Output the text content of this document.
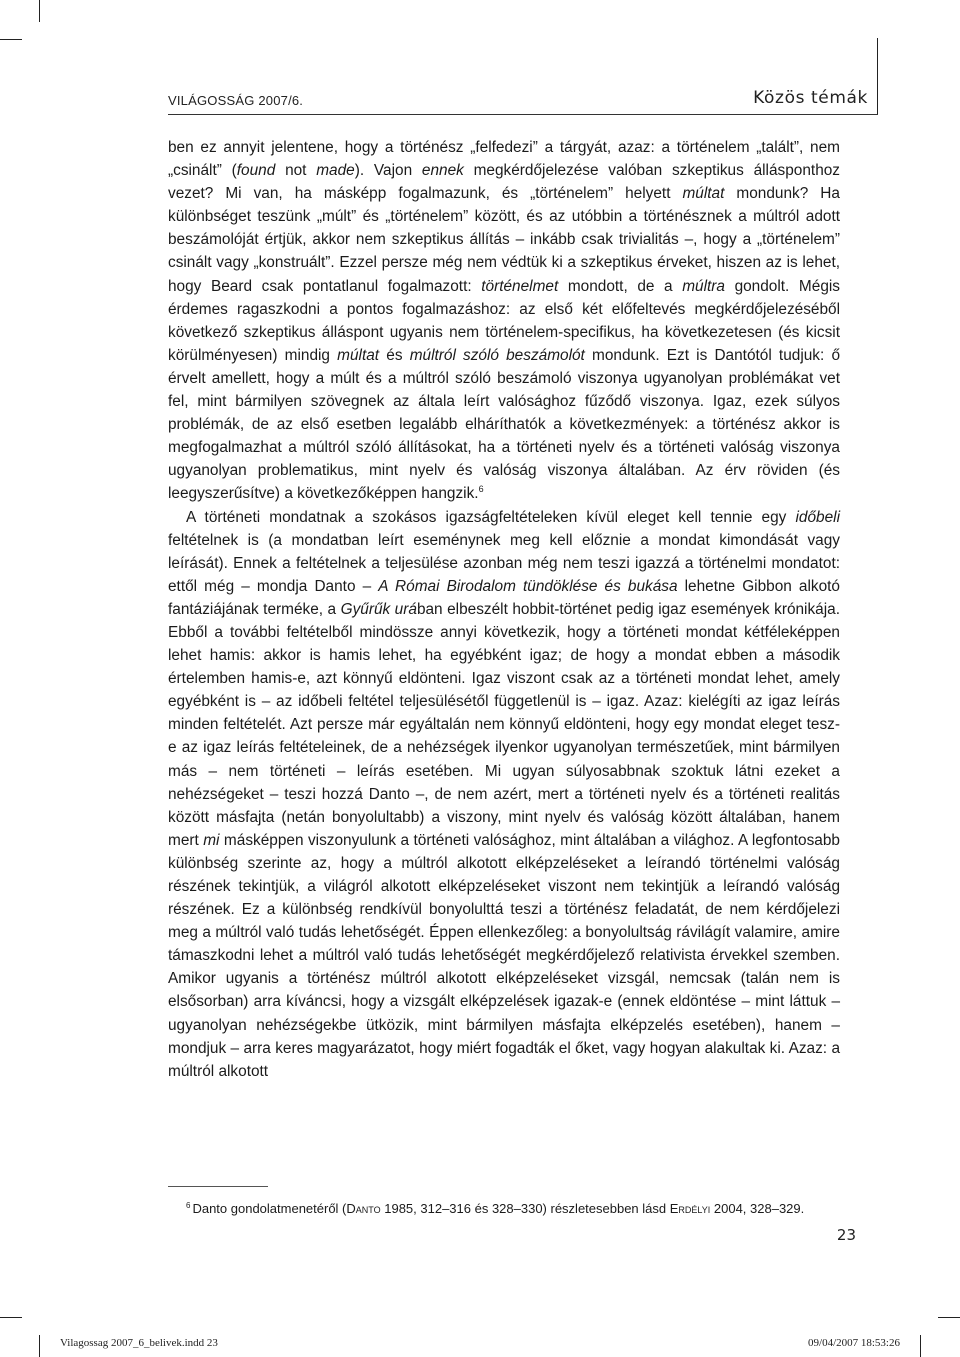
VILÁGOSSÁG 2007/6.	Közös témák

ben ez annyit jelentene, hogy a történész „felfedezi” a tárgyát, azaz: a történelem „talált”, nem „csinált” (found not made). Vajon ennek megkérdőjelezése valóban szkeptikus állásponthoz vezet? Mi van, ha másképp fogalmazunk, és „történelem” helyett múltat mondunk? Ha különbséget teszünk „múlt” és „történelem” között, és az utóbbin a történésznek a múltról adott beszámolóját értjük, akkor nem szkeptikus állítás – inkább csak trivialitás –, hogy a „történelem” csinált vagy „konstruált”. Ezzel persze még nem védtük ki a szkeptikus érveket, hiszen az is lehet, hogy Beard csak pontatlanul fogalmazott: történelmet mondott, de a múltra gondolt. Mégis érdemes ragaszkodni a pontos fogalmazáshoz: az első két előfeltevés megkérdőjelezéséből következő szkeptikus álláspont ugyanis nem történelem-specifikus, ha következetesen (és kicsit körülményesen) mindig múltat és múltról szóló beszámolót mondunk. Ezt is Dantótól tudjuk: ő érvelt amellett, hogy a múlt és a múltról szóló beszámoló viszonya ugyanolyan problémákat vet fel, mint bármilyen szövegnek az általa leírt valósághoz fűződő viszonya. Igaz, ezek súlyos problémák, de az első esetben legalább elháríthatók a következmények: a történész akkor is megfogalmazhat a múltról szóló állításokat, ha a történeti nyelv és a történeti valóság viszonya ugyanolyan problematikus, mint nyelv és valóság viszonya általában. Az érv röviden (és leegyszerűsítve) a következőképpen hangzik.$^6$

A történeti mondatnak a szokásos igazságfeltételeken kívül eleget kell tennie egy időbeli feltételnek is (a mondatban leírt eseménynek meg kell előznie a mondat kimondását vagy leírását). Ennek a feltételnek a teljesülése azonban még nem teszi igazzá a történelmi mondatot: ettől még – mondja Danto – A Római Birodalom tündöklése és bukása lehetne Gibbon alkotó fantáziájának terméke, a Gyűrűk urában elbeszélt hobbit-történet pedig igaz események krónikája. Ebből a további feltételből mindössze annyi következik, hogy a történeti mondat kétféleképpen lehet hamis: akkor is hamis lehet, ha egyébként igaz; de hogy a mondat ebben a második értelemben hamis-e, azt könnyű eldönteni. Igaz viszont csak az a történeti mondat lehet, amely egyébként is – az időbeli feltétel teljesülésétől függetlenül is – igaz. Azaz: kielégíti az igaz leírás minden feltételét. Azt persze már egyáltalán nem könnyű eldönteni, hogy egy mondat eleget tesz-e az igaz leírás feltételeinek, de a nehézségek ilyenkor ugyanolyan természetűek, mint bármilyen más – nem történeti – leírás esetében. Mi ugyan súlyosabbnak szoktuk látni ezeket a nehézségeket – teszi hozzá Danto –, de nem azért, mert a történeti nyelv és a történeti realitás között másfajta (netán bonyolultabb) a viszony, mint nyelv és valóság között általában, hanem mert mi másképpen viszonyulunk a történeti valósághoz, mint általában a világhoz. A legfontosabb különbség szerinte az, hogy a múltról alkotott elképzeléseket a leírandó történelmi valóság részének tekintjük, a világról alkotott elképzeléseket viszont nem tekintjük a leírandó valóság részének. Ez a különbség rendkívül bonyolulttá teszi a történész feladatát, de nem kérdőjelezi meg a múltról való tudás lehetőségét. Éppen ellenkezőleg: a bonyolultság rávilágít valamire, amire támaszkodni lehet a múltról való tudás lehetőségét megkérdőjelező relativista érvekkel szemben. Amikor ugyanis a történész múltról alkotott elképzeléseket vizsgál, nemcsak (talán nem is elsősorban) arra kíváncsi, hogy a vizsgált elképzelések igazak-e (ennek eldöntése – mint láttuk – ugyanolyan nehézségekbe ütközik, mint bármilyen másfajta elképzelés esetében), hanem – mondjuk – arra keres magyarázatot, hogy miért fogadták el őket, vagy hogyan alakultak ki. Azaz: a múltról alkotott

$^6$ Danto gondolatmenetéről (Danto 1985, 312–316 és 328–330) részletesebben lásd Erdélyi 2004, 328–329.
23
Vilagossag 2007_6_belivek.indd 23	09/04/2007 18:53:26
